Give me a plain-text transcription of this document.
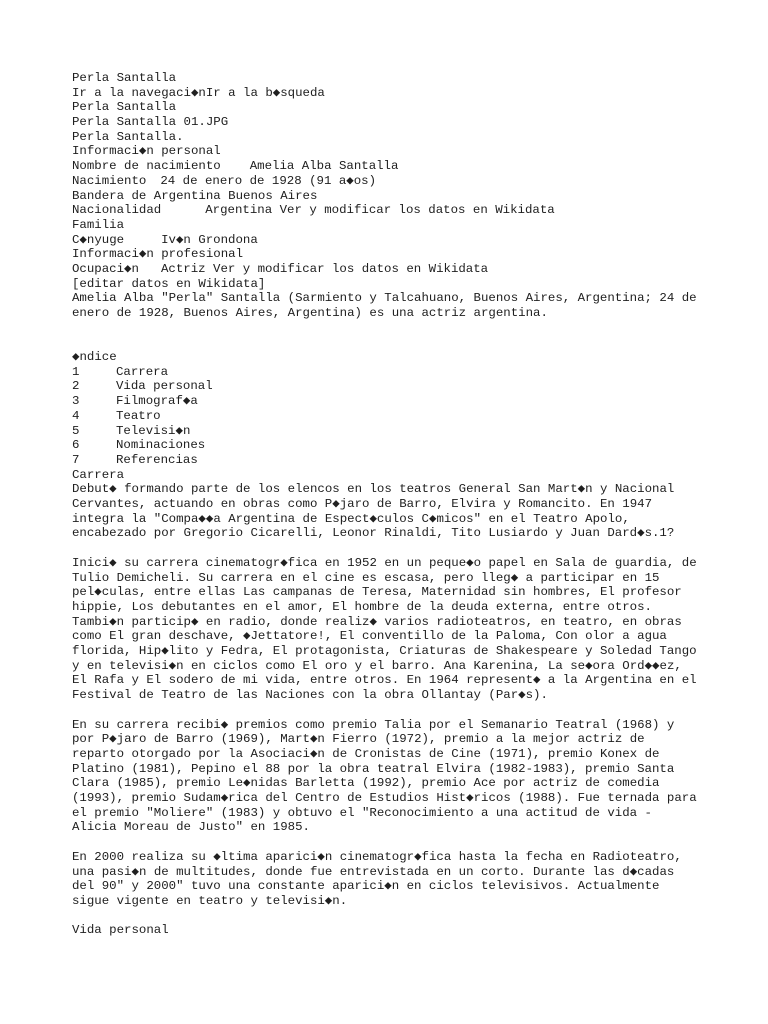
Perla Santalla
Ir a la navegaci◆nIr a la b◆squeda
Perla Santalla
Perla Santalla 01.JPG
Perla Santalla.
Informaci◆n personal
Nombre de nacimiento Amelia Alba Santalla
Nacimiento 24 de enero de 1928 (91 a◆os)
Bandera de Argentina Buenos Aires
Nacionalidad	Argentina Ver y modificar los datos en Wikidata
Familia
C◆nyuge	Iv◆n Grondona
Informaci◆n profesional
Ocupaci◆n Actriz Ver y modificar los datos en Wikidata
[editar datos en Wikidata]

Amelia Alba "Perla" Santalla (Sarmiento y Talcahuano, Buenos Aires, Argentina; 24 de enero de 1928, Buenos Aires, Argentina) es una actriz argentina.

◆ndice
1	Carrera
2	Vida personal
3	Filmograf◆a
4	Teatro
5	Televisi◆n
6	Nominaciones
7	Referencias
Carrera

Debut◆ formando parte de los elencos en los teatros General San Mart◆n y Nacional Cervantes, actuando en obras como P◆jaro de Barro, Elvira y Romancito. En 1947 integra la "Compa◆◆a Argentina de Espect◆culos C◆micos" en el Teatro Apolo, encabezado por Gregorio Cicarelli, Leonor Rinaldi, Tito Lusiardo y Juan Dard◆s.1?

Inici◆ su carrera cinematogr◆fica en 1952 en un peque◆o papel en Sala de guardia, de Tulio Demicheli. Su carrera en el cine es escasa, pero lleg◆ a participar en 15 pel◆culas, entre ellas Las campanas de Teresa, Maternidad sin hombres, El profesor hippie, Los debutantes en el amor, El hombre de la deuda externa, entre otros. Tambi◆n particip◆ en radio, donde realiz◆ varios radioteatros, en teatro, en obras como El gran deschave, ◆Jettatore!, El conventillo de la Paloma, Con olor a agua florida, Hip◆lito y Fedra, El protagonista, Criaturas de Shakespeare y Soledad Tango y en televisi◆n en ciclos como El oro y el barro. Ana Karenina, La se◆ora Ord◆◆ez, El Rafa y El sodero de mi vida, entre otros. En 1964 represent◆ a la Argentina en el Festival de Teatro de las Naciones con la obra Ollantay (Par◆s).

En su carrera recibi◆ premios como premio Talia por el Semanario Teatral (1968) y por P◆jaro de Barro (1969), Mart◆n Fierro (1972), premio a la mejor actriz de reparto otorgado por la Asociaci◆n de Cronistas de Cine (1971), premio Konex de Platino (1981), Pepino el 88 por la obra teatral Elvira (1982-1983), premio Santa Clara (1985), premio Le◆nidas Barletta (1992), premio Ace por actriz de comedia (1993), premio Sudam◆rica del Centro de Estudios Hist◆ricos (1988). Fue ternada para el premio "Moliere" (1983) y obtuvo el "Reconocimiento a una actitud de vida - Alicia Moreau de Justo" en 1985.

En 2000 realiza su ◆ltima aparici◆n cinematogr◆fica hasta la fecha en Radioteatro, una pasi◆n de multitudes, donde fue entrevistada en un corto. Durante las d◆cadas del 90" y 2000" tuvo una constante aparici◆n en ciclos televisivos. Actualmente sigue vigente en teatro y televisi◆n.

Vida personal
